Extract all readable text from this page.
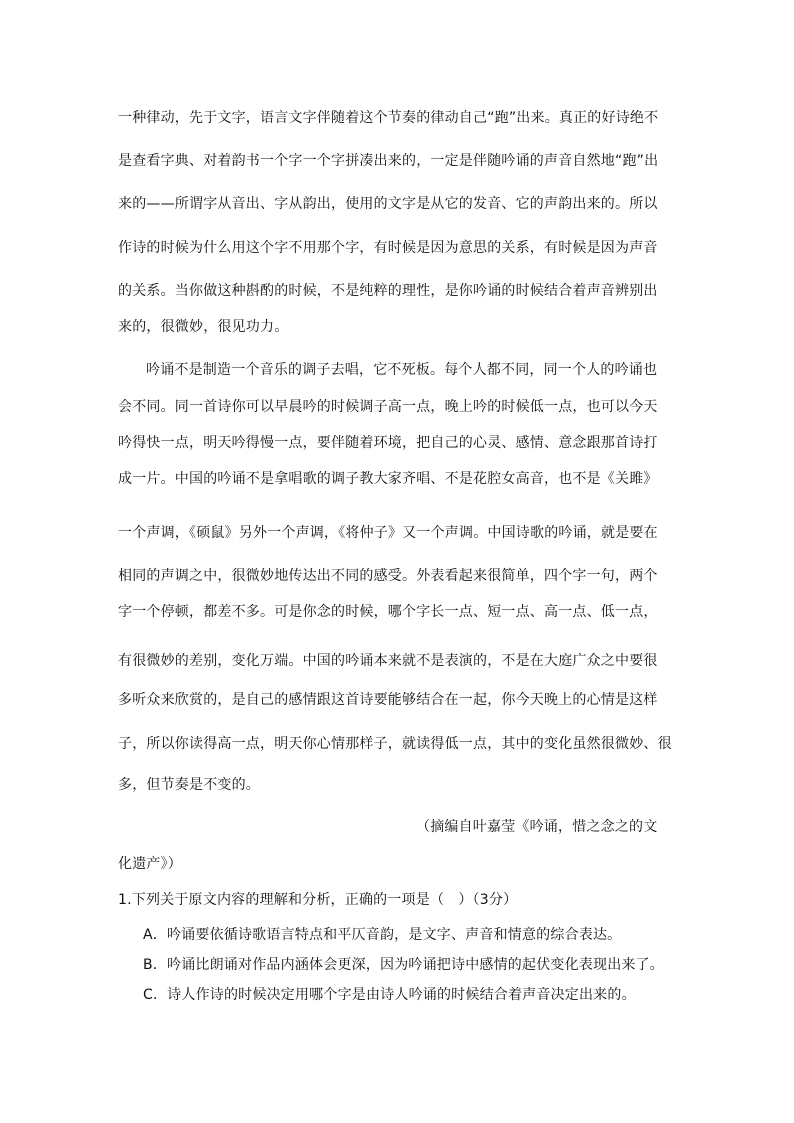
一种律动，先于文字，语言文字伴随着这个节奏的律动自己“跑”出来。真正的好诗绝不

是查看字典、对着韵书一个字一个字拼凑出来的，一定是伴随吟诵的声音自然地“跑”出

来的——所谓字从音出、字从韵出，使用的文字是从它的发音、它的声韵出来的。所以

作诗的时候为什么用这个字不用那个字，有时候是因为意思的关系，有时候是因为声音

的关系。当你做这种斟酌的时候，不是纯粹的理性，是你吟诵的时候结合着声音辨别出

来的，很微妙，很见功力。

吟诵不是制造一个音乐的调子去唱，它不死板。每个人都不同，同一个人的吟诵也

会不同。同一首诗你可以早晨吟的时候调子高一点，晚上吟的时候低一点，也可以今天

吟得快一点，明天吟得慢一点，要伴随着环境，把自己的心灵、感情、意念跟那首诗打

成一片。中国的吟诵不是拿唱歌的调子教大家齐唱、不是花腔女高音，也不是《关雎》

一个声调，《硕鼠》另外一个声调，《将仲子》又一个声调。中国诗歌的吟诵，就是要在

相同的声调之中，很微妙地传达出不同的感受。外表看起来很简单，四个字一句，两个

字一个停顿，都差不多。可是你念的时候，哪个字长一点、短一点、高一点、低一点，

有很微妙的差别，变化万端。中国的吟诵本来就不是表演的，不是在大庭广众之中要很

多听众来欣赏的，是自己的感情跟这首诗要能够结合在一起，你今天晚上的心情是这样

子，所以你读得高一点，明天你心情那样子，就读得低一点，其中的变化虽然很微妙、很

多，但节奏是不变的。

（摘编自叶嘉莹《吟诵，惜之念之的文

化遗产》）

1.下列关于原文内容的理解和分析，正确的一项是（　）（3分）

A．吟诵要依循诗歌语言特点和平仄音韵，是文字、声音和情意的综合表达。

B．吟诵比朗诵对作品内涵体会更深，因为吟诵把诗中感情的起伏变化表现出来了。

C．诗人作诗的时候决定用哪个字是由诗人吟诵的时候结合着声音决定出来的。
